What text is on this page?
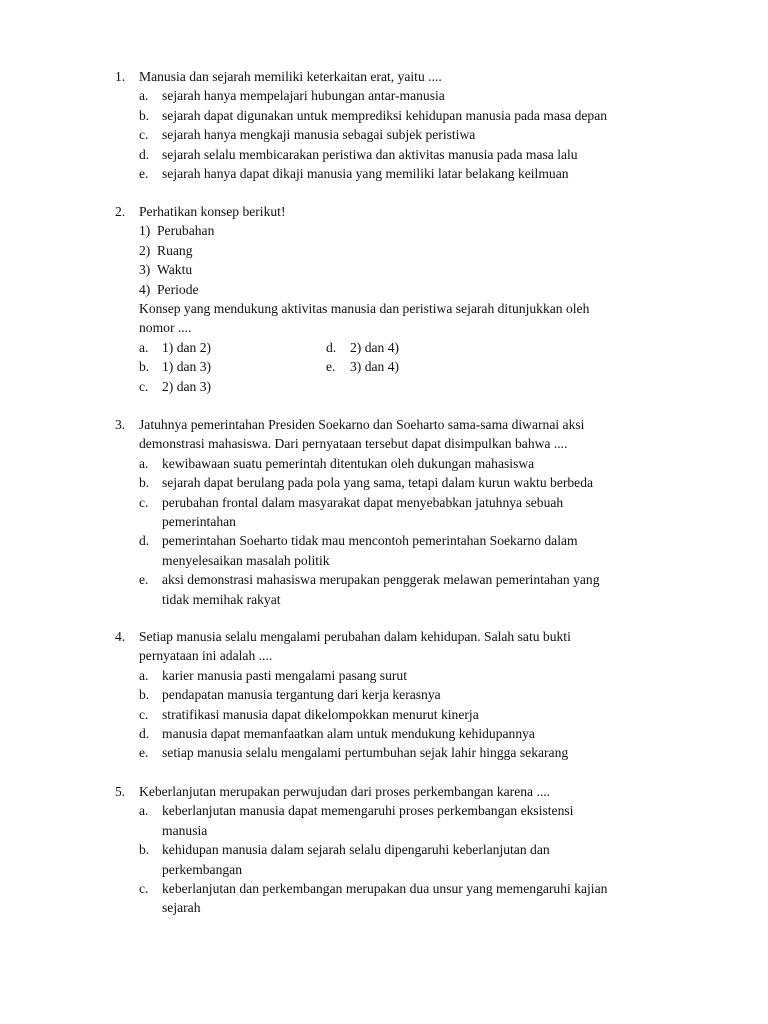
1. Manusia dan sejarah memiliki keterkaitan erat, yaitu ....
a. sejarah hanya mempelajari hubungan antar-manusia
b. sejarah dapat digunakan untuk memprediksi kehidupan manusia pada masa depan
c. sejarah hanya mengkaji manusia sebagai subjek peristiwa
d. sejarah selalu membicarakan peristiwa dan aktivitas manusia pada masa lalu
e. sejarah hanya dapat dikaji manusia yang memiliki latar belakang keilmuan
2. Perhatikan konsep berikut!
1) Perubahan
2) Ruang
3) Waktu
4) Periode
Konsep yang mendukung aktivitas manusia dan peristiwa sejarah ditunjukkan oleh
nomor ....
a. 1) dan 2)	d. 2) dan 4)
b. 1) dan 3)	e. 3) dan 4)
c. 2) dan 3)
3. Jatuhnya pemerintahan Presiden Soekarno dan Soeharto sama-sama diwarnai aksi
demonstrasi mahasiswa. Dari pernyataan tersebut dapat disimpulkan bahwa ....
a. kewibawaan suatu pemerintah ditentukan oleh dukungan mahasiswa
b. sejarah dapat berulang pada pola yang sama, tetapi dalam kurun waktu berbeda
c. perubahan frontal dalam masyarakat dapat menyebabkan jatuhnya sebuah
pemerintahan
d. pemerintahan Soeharto tidak mau mencontoh pemerintahan Soekarno dalam
menyelesaikan masalah politik
e. aksi demonstrasi mahasiswa merupakan penggerak melawan pemerintahan yang
tidak memihak rakyat
4. Setiap manusia selalu mengalami perubahan dalam kehidupan. Salah satu bukti
pernyataan ini adalah ....
a. karier manusia pasti mengalami pasang surut
b. pendapatan manusia tergantung dari kerja kerasnya
c. stratifikasi manusia dapat dikelompokkan menurut kinerja
d. manusia dapat memanfaatkan alam untuk mendukung kehidupannya
e. setiap manusia selalu mengalami pertumbuhan sejak lahir hingga sekarang
5. Keberlanjutan merupakan perwujudan dari proses perkembangan karena ....
a. keberlanjutan manusia dapat memengaruhi proses perkembangan eksistensi
manusia
b. kehidupan manusia dalam sejarah selalu dipengaruhi keberlanjutan dan
perkembangan
c. keberlanjutan dan perkembangan merupakan dua unsur yang memengaruhi kajian
sejarah
